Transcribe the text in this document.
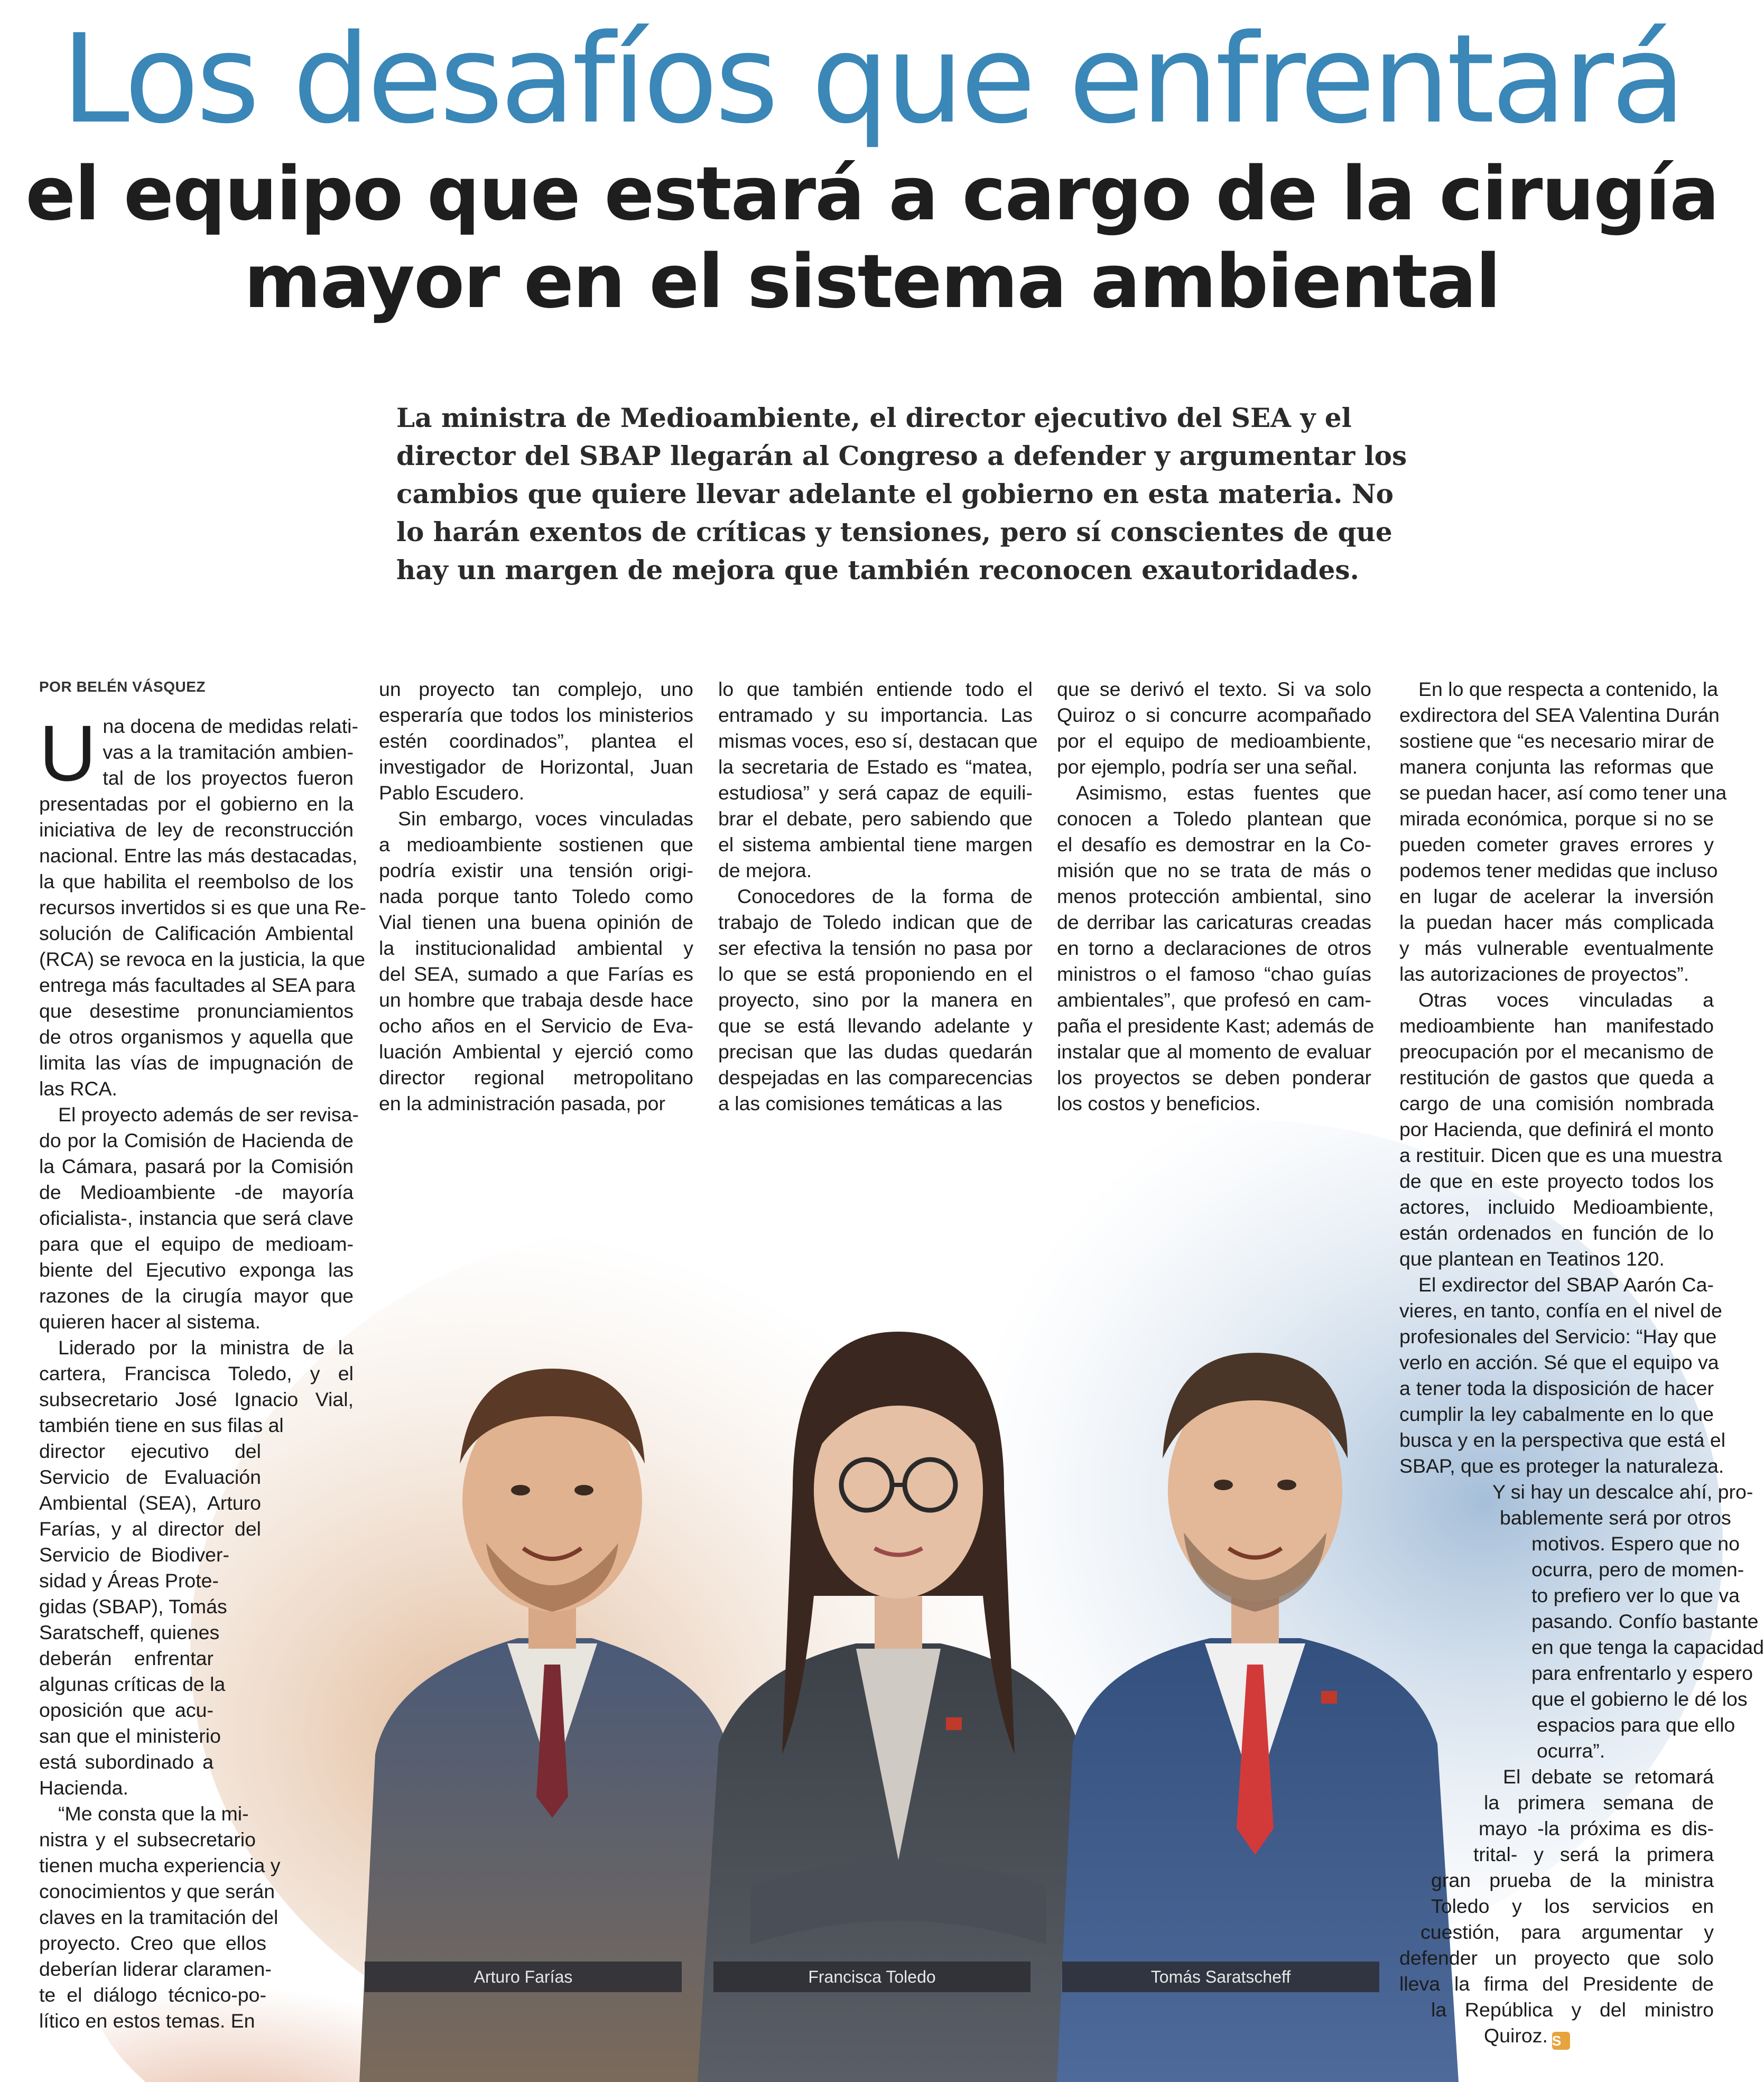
Los desafíos que enfrentará
el equipo que estará a cargo de la cirugía
mayor en el sistema ambiental
La ministra de Medioambiente, el director ejecutivo del SEA y el
director del SBAP llegarán al Congreso a defender y argumentar los
cambios que quiere llevar adelante el gobierno en esta materia. No
lo harán exentos de críticas y tensiones, pero sí conscientes de que
hay un margen de mejora que también reconocen exautoridades.
POR BELÉN VÁSQUEZ
U na docena de medidas relati-
vas a la tramitación ambien-
tal de los proyectos fueron
presentadas por el gobierno en la
iniciativa de ley de reconstrucción
nacional. Entre las más destacadas,
la que habilita el reembolso de los
recursos invertidos si es que una Re-
solución de Calificación Ambiental
(RCA) se revoca en la justicia, la que
entrega más facultades al SEA para
que desestime pronunciamientos
de otros organismos y aquella que
limita las vías de impugnación de
las RCA.
El proyecto además de ser revisa-
do por la Comisión de Hacienda de
la Cámara, pasará por la Comisión
de Medioambiente -de mayoría
oficialista-, instancia que será clave
para que el equipo de medioam-
biente del Ejecutivo exponga las
razones de la cirugía mayor que
quieren hacer al sistema.
Liderado por la ministra de la
cartera, Francisca Toledo, y el
subsecretario José Ignacio Vial,
también tiene en sus filas al
director ejecutivo del
Servicio de Evaluación
Ambiental (SEA), Arturo
Farías, y al director del
Servicio de Biodiver-
sidad y Áreas Prote-
gidas (SBAP), Tomás
Saratscheff, quienes
deberán enfrentar
algunas críticas de la
oposición que acu-
san que el ministerio
está subordinado a
Hacienda.
“Me consta que la mi-
nistra y el subsecretario
tienen mucha experiencia y
conocimientos y que serán
claves en la tramitación del
proyecto. Creo que ellos
deberían liderar claramen-
te el diálogo técnico-po-
lítico en estos temas. En
un proyecto tan complejo, uno
esperaría que todos los ministerios
estén coordinados”, plantea el
investigador de Horizontal, Juan
Pablo Escudero.
Sin embargo, voces vinculadas
a medioambiente sostienen que
podría existir una tensión origi-
nada porque tanto Toledo como
Vial tienen una buena opinión de
la institucionalidad ambiental y
del SEA, sumado a que Farías es
un hombre que trabaja desde hace
ocho años en el Servicio de Eva-
luación Ambiental y ejerció como
director regional metropolitano
en la administración pasada, por
lo que también entiende todo el
entramado y su importancia. Las
mismas voces, eso sí, destacan que
la secretaria de Estado es “matea,
estudiosa” y será capaz de equili-
brar el debate, pero sabiendo que
el sistema ambiental tiene margen
de mejora.
Conocedores de la forma de
trabajo de Toledo indican que de
ser efectiva la tensión no pasa por
lo que se está proponiendo en el
proyecto, sino por la manera en
que se está llevando adelante y
precisan que las dudas quedarán
despejadas en las comparecencias
a las comisiones temáticas a las
que se derivó el texto. Si va solo
Quiroz o si concurre acompañado
por el equipo de medioambiente,
por ejemplo, podría ser una señal.
Asimismo, estas fuentes que
conocen a Toledo plantean que
el desafío es demostrar en la Co-
misión que no se trata de más o
menos protección ambiental, sino
de derribar las caricaturas creadas
en torno a declaraciones de otros
ministros o el famoso “chao guías
ambientales”, que profesó en cam-
paña el presidente Kast; además de
instalar que al momento de evaluar
los proyectos se deben ponderar
los costos y beneficios.
En lo que respecta a contenido, la
exdirectora del SEA Valentina Durán
sostiene que “es necesario mirar de
manera conjunta las reformas que
se puedan hacer, así como tener una
mirada económica, porque si no se
pueden cometer graves errores y
podemos tener medidas que incluso
en lugar de acelerar la inversión
la puedan hacer más complicada
y más vulnerable eventualmente
las autorizaciones de proyectos”.
Otras voces vinculadas a
medioambiente han manifestado
preocupación por el mecanismo de
restitución de gastos que queda a
cargo de una comisión nombrada
por Hacienda, que definirá el monto
a restituir. Dicen que es una muestra
de que en este proyecto todos los
actores, incluido Medioambiente,
están ordenados en función de lo
que plantean en Teatinos 120.
El exdirector del SBAP Aarón Ca-
vieres, en tanto, confía en el nivel de
profesionales del Servicio: “Hay que
verlo en acción. Sé que el equipo va
a tener toda la disposición de hacer
cumplir la ley cabalmente en lo que
busca y en la perspectiva que está el
SBAP, que es proteger la naturaleza.
Y si hay un descalce ahí, pro-
bablemente será por otros
motivos. Espero que no
ocurra, pero de momen-
to prefiero ver lo que va
pasando. Confío bastante
en que tenga la capacidad
para enfrentarlo y espero
que el gobierno le dé los
espacios para que ello
ocurra”.
El debate se retomará
la primera semana de
mayo -la próxima es dis-
trital- y será la primera
gran prueba de la ministra
Toledo y los servicios en
cuestión, para argumentar y
defender un proyecto que solo
lleva la firma del Presidente de
la República y del ministro
Quiroz. S
Arturo Farías	Francisca Toledo	Tomás Saratscheff
